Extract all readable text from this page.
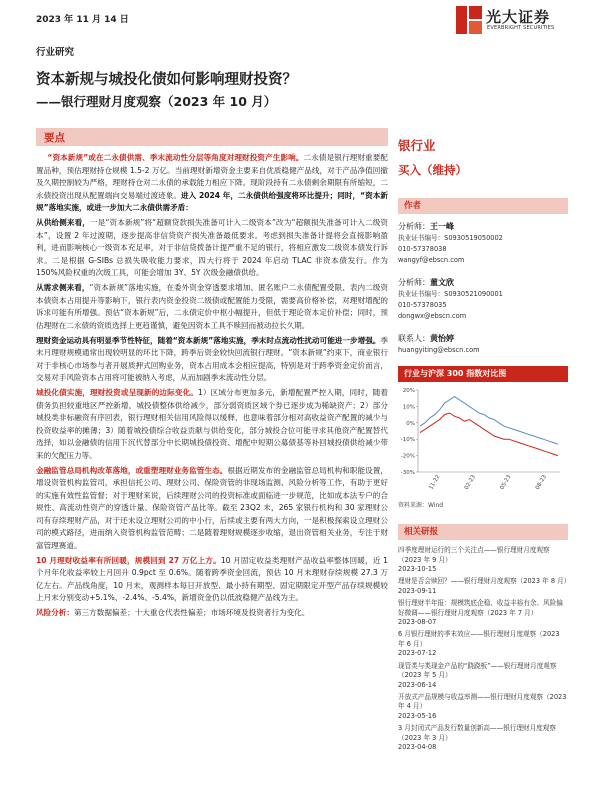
2023 年 11 月 14 日	光大证券
EVERBRIGHT SECURITIES
行业研究
资本新规与城投化债如何影响理财投资？
——银行理财月度观察（2023 年 10 月）
要点

“资本新规”或在二永债供需、季末流动性分层等角度对理财投资产生影响。二永债是银行理财重要配置品种，预估理财持仓规模 1.5-2 万亿。当前理财新增资金主要来自优质稳健产品线，对于产品净值回撤及久期控制较为严格，理财持仓对二永债的承载能力相应下降。现阶段持有二永债剩余期限有所缩短，二永债投资出现从配置端向交易端过渡迹象。进入 2024 年，二永债供给强度将环比提升；同时，“资本新规”落地实施，或进一步加大二永债供需矛盾：

从供给侧来看，一是“资本新规”将“超额贷款损失准备可计入二级资本”改为“超额损失准备可计入二级资本”，设置 2 年过渡期，逐步提高非信贷资产损失准备最低要求。考虑到损失准备计提将会直接影响盈利，进而影响核心一级资本充足率，对于非信贷拨备计提严重不足的银行，将相应激发二级资本债发行诉求。二是根据 G-SIBs 总损失吸收能力要求，四大行将于 2024 年启动 TLAC 非资本债发行。作为 150%风险权重的次级工具，可能会增加 3Y、5Y 次级金融债供给。

从需求侧来看，“资本新规”落地实施，在委外资金穿透要求增加、匿名账户二永债配置受限、表内二级资本债资本占用提升等影响下，银行表内资金投资二级债或配置能力受限，需要高价格补偿，对理财增配的诉求可能有所增强。预估“资本新规”后，二永债定价中枢小幅提升，但低于理论资本定价补偿；同时，预估理财在二永债的资质选择上更趋谨慎，避免因资本工具不赎回而被动拉长久期。

理财资金运动具有明显季节性特征，随着“资本新规”落地实施，季末时点流动性扰动可能进一步增强。季末月理财规模通常出现较明显的环比下降，跨季后资金较快回流银行理财。“资本新规”约束下，商业银行对于非核心市场参与者开展质押式回购业务，资本占用成本会相应提高，特别是对于跨季资金定价而言，交易对手风险资本占用将可能被纳入考虑，从而加剧季末流动性分层。

城投化债实施，理财投资或呈现新的边际变化。1）区域分布更加多元，新增配置严控入期，同时，随着债务负担较重地区严控新增，城投债整体供给减少，部分弱资质区域个券已逐步成为稀缺资产；2）部分城投类非标融资有序回表，银行理财相关信用风险得以缓释，也意味着部分相对高收益资产配置的减少与投资收益率的摊薄；3）随着城投债综合收益贡献与供给变化，部分城投合位可能寻求其他资产配置替代选择，如以金融债的信用下沉代替部分中长期城投债投资、增配中短期公募债基等补回城投债供给减少带来的欠配压力等。

金融监管总局机构改革落地，或重塑理财业务监管生态。根据近期发布的金融监管总局机构和职能设置，增设资管机构监管司，承担信托公司、理财公司、保险资管的非现场监测、风险分析等工作，有助于更好的实施有效性监管督；对于理财来说，后续理财公司的投资标准或面临进一步规范，比如成本法专户的合规性、高流动性资产的穿透计量、保险资管产品比等。截至 23Q2 末，265 家银行机构和 30 家理财公司有存续理财产品，对于还未设立理财公司的中小行，后续或主要有两大方向，一是积极探索设立理财公司的模式路径，进而纳入资管机构监管范畴；二是随着理财规模逐步收缩，退出资管相关业务，专注于财富管理赛道。

10 月理财收益率有所回暖，规模回到 27 万亿上方。10 月固定收益类理财产品收益率整体回暖，近 1 个月年化收益率较上月回升 0.9pct 至 0.6%。随着跨季资金回流，预估 10 月末理财存续规模 27.3 万亿左右。产品线角度，10 月末，观测样本每日开放型、最小持有期型、固定期限定开型产品存续规模较上月末分别变动+5.1%、-2.4%、-5.4%，新增资金仍以低波稳健产品线为主。

风险分析：第三方数据偏差；十大重仓代表性偏差；市场环境及投资者行为变化。

银行业
买入（维持）
作者
分析师：王一峰
执业证书编号：S0930519050002
010-57378038
wangyf@ebscn.com
分析师：董文欣
执业证书编号：S0930521090001
010-57378035
dongwx@ebscn.com
联系人：黄怡婷
huangyiting@ebscn.com
行业与沪深 300 指数对比图
20%
10%
0%
-10%
-20%
-30%
11-22	02-23	05-23	08-23
资料来源：Wind
相关研报
四季度理财运行的三个关注点——银行理财月度观察（2023 年 9 月）
2023-10-15
理财是否会赎回？——银行理财月度观察（2023 年 8 月）
2023-09-11
银行理财半年报：规模筑底企稳、收益丰裕有余、风险偏好微调——银行理财月度观察（2023 年 7 月）
2023-08-07
6 月银行理财的季末效应——银行理财月度观察（2023 年 6 月）
2023-07-12
现管类与类现金产品的“跷跷板”——银行理财月度观察（2023 年 5 月）
2023-06-14
开放式产品规模与收益率测——银行理财月度观察（2023 年 4 月）
2023-05-16
3 月封闭式产品发行数量创新高——银行理财月度观察（2023 年 3 月）
2023-04-08
